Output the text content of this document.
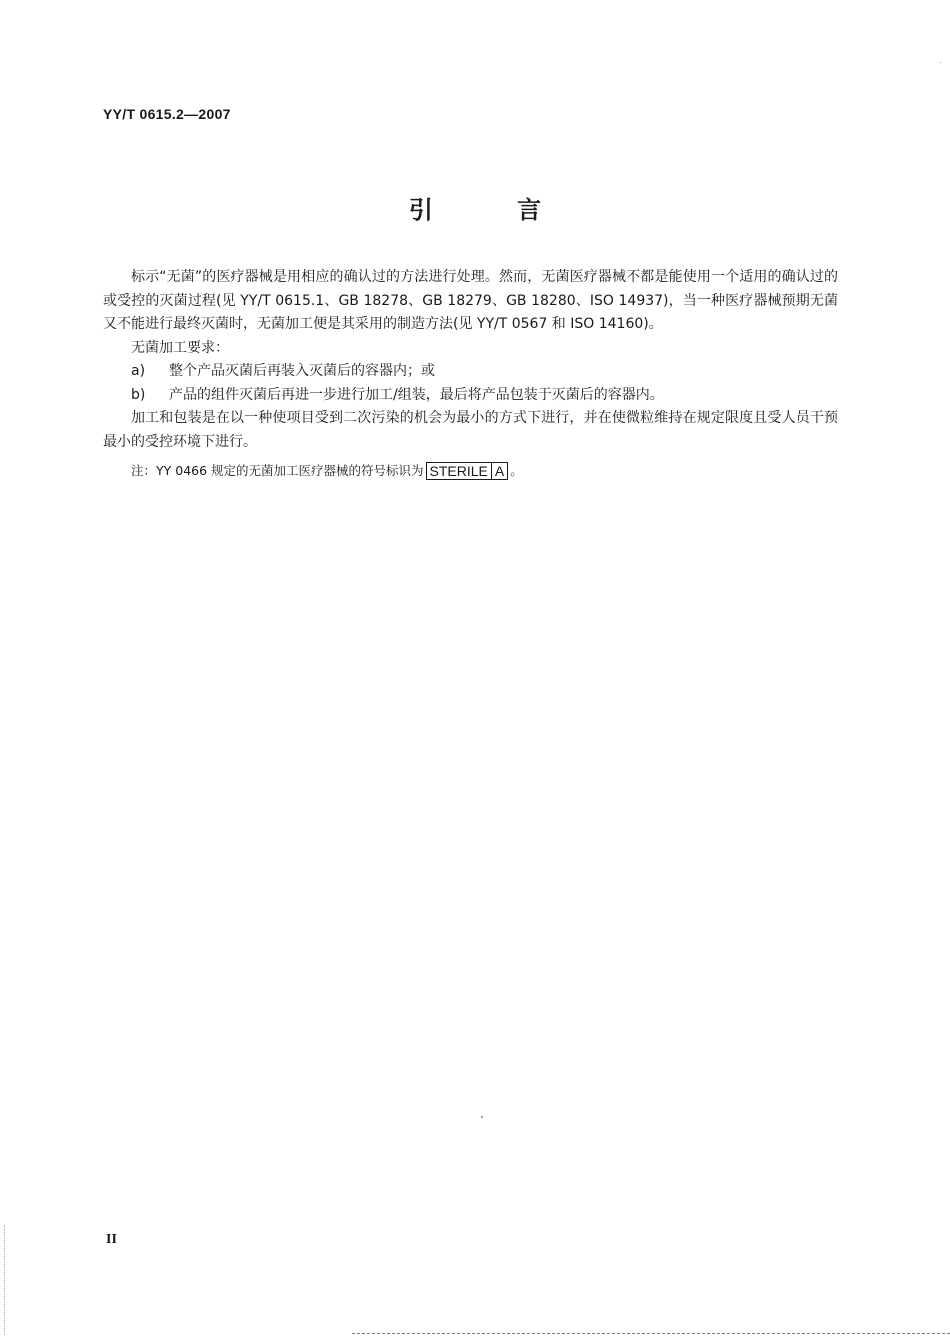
YY/T 0615.2—2007
引 言

标示“无菌”的医疗器械是用相应的确认过的方法进行处理。然而，无菌医疗器械不都是能使用一个适用的确认过的或受控的灭菌过程(见 YY/T 0615.1、GB 18278、GB 18279、GB 18280、ISO 14937)，当一种医疗器械预期无菌又不能进行最终灭菌时，无菌加工便是其采用的制造方法(见 YY/T 0567 和 ISO 14160)。

无菌加工要求：

a)	整个产品灭菌后再装入灭菌后的容器内；或
b)	产品的组件灭菌后再进一步进行加工/组装，最后将产品包装于灭菌后的容器内。

加工和包装是在以一种使项目受到二次污染的机会为最小的方式下进行，并在使微粒维持在规定限度且受人员干预最小的受控环境下进行。

注：YY 0466 规定的无菌加工医疗器械的符号标识为 STERILE A 。
II
